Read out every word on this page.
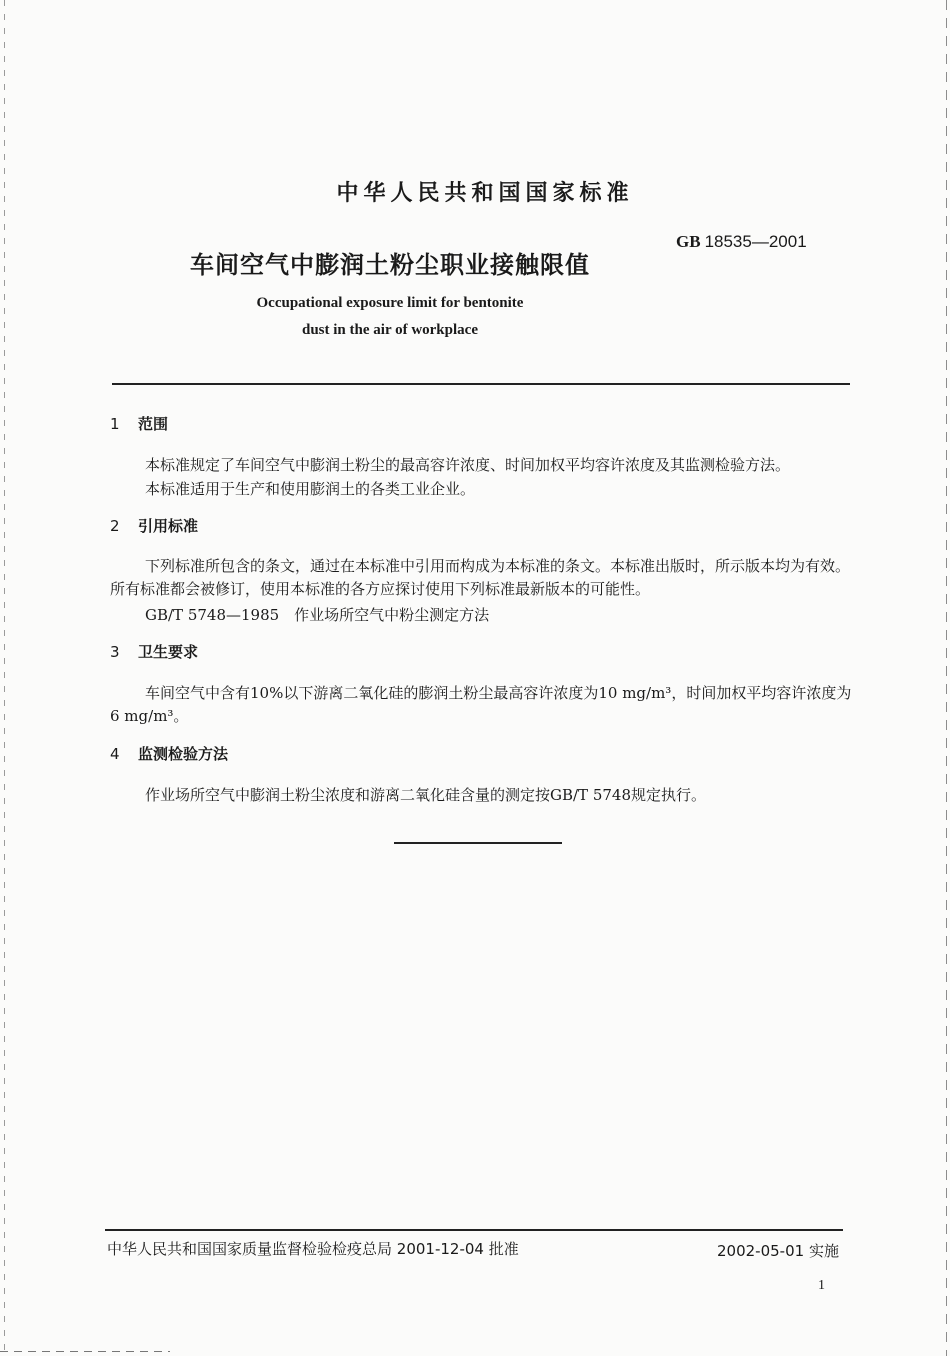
中华人民共和国国家标准
GB 18535—2001
车间空气中膨润土粉尘职业接触限值
Occupational exposure limit for bentonite
dust in the air of workplace
1 范围
本标准规定了车间空气中膨润土粉尘的最高容许浓度、时间加权平均容许浓度及其监测检验方法。
本标准适用于生产和使用膨润土的各类工业企业。
2 引用标准
下列标准所包含的条文，通过在本标准中引用而构成为本标准的条文。本标准出版时，所示版本均为有效。所有标准都会被修订，使用本标准的各方应探讨使用下列标准最新版本的可能性。
GB/T 5748—1985　作业场所空气中粉尘测定方法
3 卫生要求
车间空气中含有10%以下游离二氧化硅的膨润土粉尘最高容许浓度为10 mg/m³，时间加权平均容许浓度为6 mg/m³。
4 监测检验方法
作业场所空气中膨润土粉尘浓度和游离二氧化硅含量的测定按GB/T 5748规定执行。
中华人民共和国国家质量监督检验检疫总局 2001-12-04 批准	2002-05-01 实施
1
